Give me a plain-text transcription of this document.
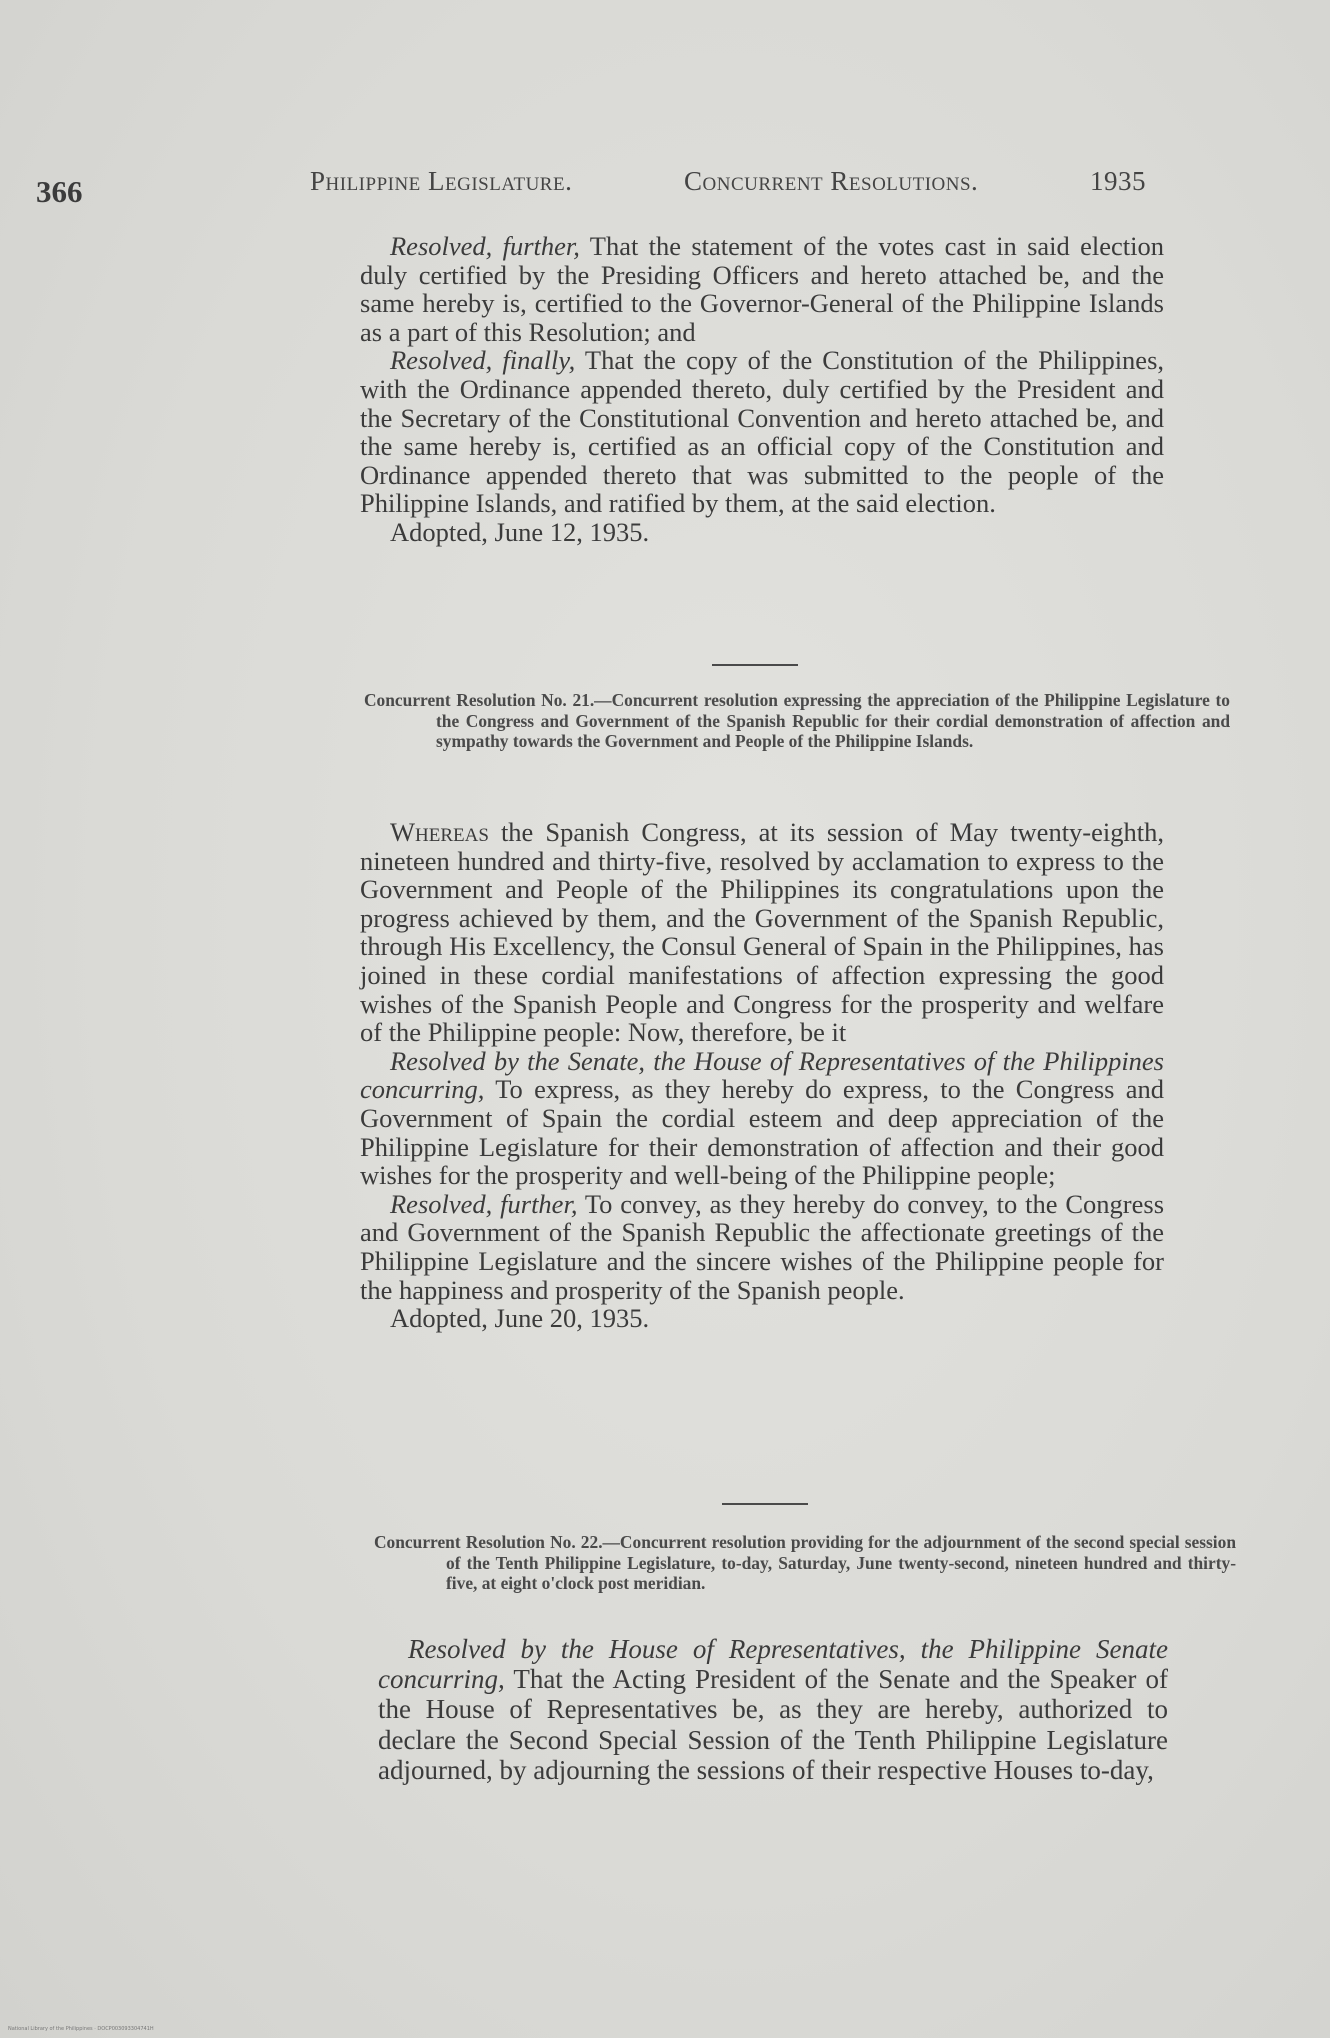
366	Philippine Legislature.	Concurrent Resolutions.	1935

Resolved, further, That the statement of the votes cast in said election duly certified by the Presiding Officers and hereto attached be, and the same hereby is, certified to the Governor-General of the Philippine Islands as a part of this Resolution; and

Resolved, finally, That the copy of the Constitution of the Philippines, with the Ordinance appended thereto, duly certified by the President and the Secretary of the Constitutional Convention and hereto attached be, and the same hereby is, certified as an official copy of the Constitution and Ordinance appended thereto that was submitted to the people of the Philippine Islands, and ratified by them, at the said election.

Adopted, June 12, 1935.

Concurrent Resolution No. 21.—Concurrent resolution expressing the appreciation of the Philippine Legislature to the Congress and Government of the Spanish Republic for their cordial demonstration of affection and sympathy towards the Government and People of the Philippine Islands.

Whereas the Spanish Congress, at its session of May twenty-eighth, nineteen hundred and thirty-five, resolved by acclamation to express to the Government and People of the Philippines its congratulations upon the progress achieved by them, and the Government of the Spanish Republic, through His Excellency, the Consul General of Spain in the Philippines, has joined in these cordial manifestations of affection expressing the good wishes of the Spanish People and Congress for the prosperity and welfare of the Philippine people: Now, therefore, be it

Resolved by the Senate, the House of Representatives of the Philippines concurring, To express, as they hereby do express, to the Congress and Government of Spain the cordial esteem and deep appreciation of the Philippine Legislature for their demonstration of affection and their good wishes for the prosperity and well-being of the Philippine people;

Resolved, further, To convey, as they hereby do convey, to the Congress and Government of the Spanish Republic the affectionate greetings of the Philippine Legislature and the sincere wishes of the Philippine people for the happiness and prosperity of the Spanish people.

Adopted, June 20, 1935.

Concurrent Resolution No. 22.—Concurrent resolution providing for the adjournment of the second special session of the Tenth Philippine Legislature, to-day, Saturday, June twenty-second, nineteen hundred and thirty-five, at eight o'clock post meridian.

Resolved by the House of Representatives, the Philippine Senate concurring, That the Acting President of the Senate and the Speaker of the House of Representatives be, as they are hereby, authorized to declare the Second Special Session of the Tenth Philippine Legislature adjourned, by adjourning the sessions of their respective Houses to-day,

National Library of the Philippines · DOCP003093304741H
